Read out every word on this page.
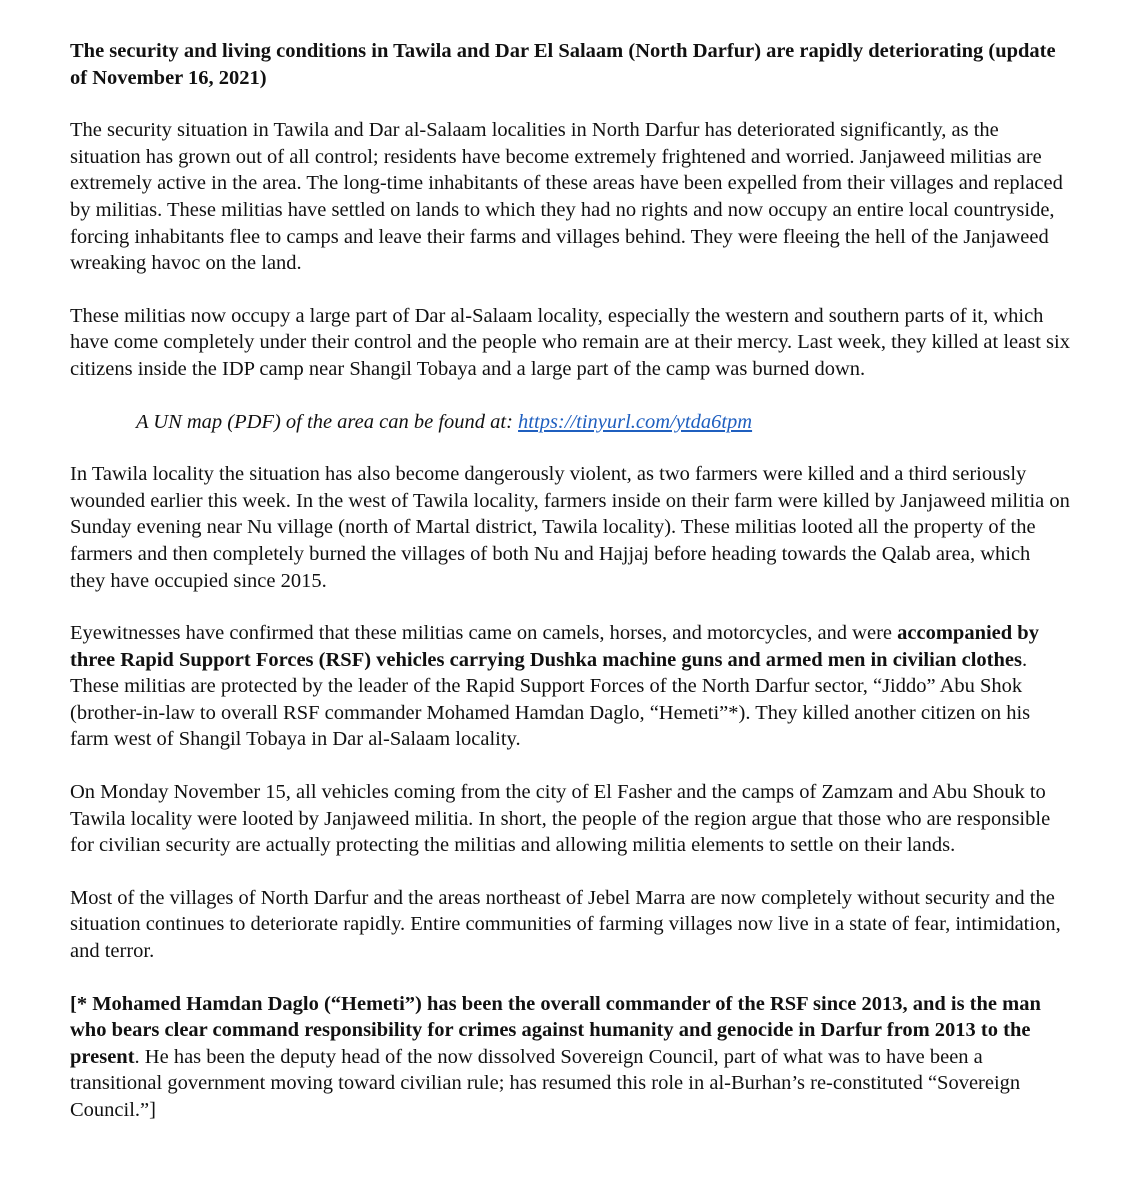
The security and living conditions in Tawila and Dar El Salaam (North Darfur) are rapidly deteriorating (update of November 16, 2021)

The security situation in Tawila and Dar al-Salaam localities in North Darfur has deteriorated significantly, as the situation has grown out of all control; residents have become extremely frightened and worried. Janjaweed militias are extremely active in the area. The long-time inhabitants of these areas have been expelled from their villages and replaced by militias. These militias have settled on lands to which they had no rights and now occupy an entire local countryside, forcing inhabitants flee to camps and leave their farms and villages behind. They were fleeing the hell of the Janjaweed wreaking havoc on the land.

These militias now occupy a large part of Dar al-Salaam locality, especially the western and southern parts of it, which have come completely under their control and the people who remain are at their mercy. Last week, they killed at least six citizens inside the IDP camp near Shangil Tobaya and a large part of the camp was burned down.

A UN map (PDF) of the area can be found at: https://tinyurl.com/ytda6tpm

In Tawila locality the situation has also become dangerously violent, as two farmers were killed and a third seriously wounded earlier this week. In the west of Tawila locality, farmers inside on their farm were killed by Janjaweed militia on Sunday evening near Nu village (north of Martal district, Tawila locality). These militias looted all the property of the farmers and then completely burned the villages of both Nu and Hajjaj before heading towards the Qalab area, which they have occupied since 2015.

Eyewitnesses have confirmed that these militias came on camels, horses, and motorcycles, and were accompanied by three Rapid Support Forces (RSF) vehicles carrying Dushka machine guns and armed men in civilian clothes. These militias are protected by the leader of the Rapid Support Forces of the North Darfur sector, “Jiddo” Abu Shok (brother-in-law to overall RSF commander Mohamed Hamdan Daglo, “Hemeti”*). They killed another citizen on his farm west of Shangil Tobaya in Dar al-Salaam locality.

On Monday November 15, all vehicles coming from the city of El Fasher and the camps of Zamzam and Abu Shouk to Tawila locality were looted by Janjaweed militia. In short, the people of the region argue that those who are responsible for civilian security are actually protecting the militias and allowing militia elements to settle on their lands.

Most of the villages of North Darfur and the areas northeast of Jebel Marra are now completely without security and the situation continues to deteriorate rapidly. Entire communities of farming villages now live in a state of fear, intimidation, and terror.

[* Mohamed Hamdan Daglo (“Hemeti”) has been the overall commander of the RSF since 2013, and is the man who bears clear command responsibility for crimes against humanity and genocide in Darfur from 2013 to the present. He has been the deputy head of the now dissolved Sovereign Council, part of what was to have been a transitional government moving toward civilian rule; has resumed this role in al-Burhan’s re-constituted “Sovereign Council.”]
